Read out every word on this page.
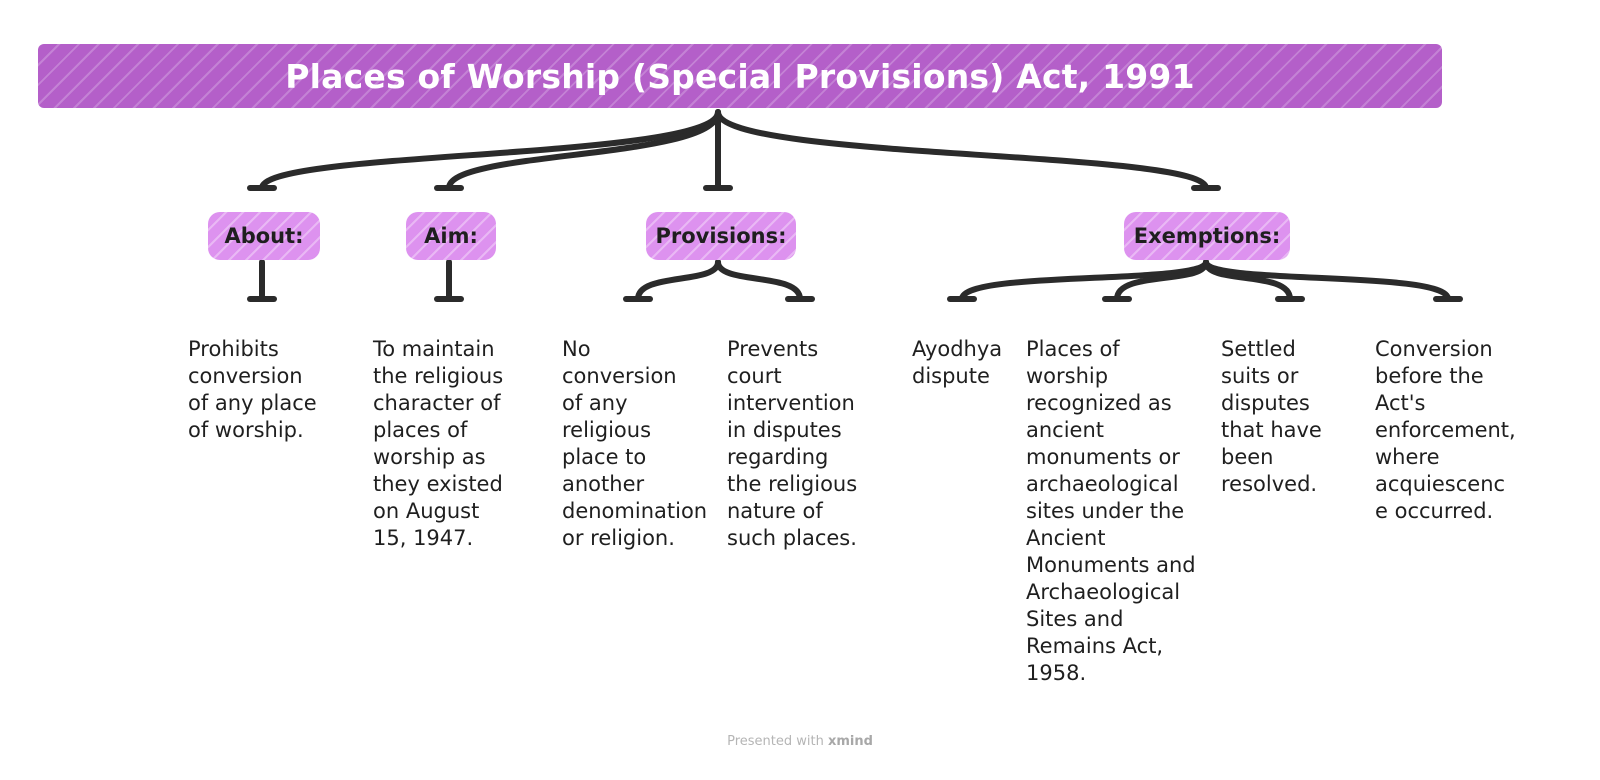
Places of Worship (Special Provisions) Act, 1991
About:	Aim:	Provisions:	Exemptions:
Prohibits
conversion
of any place
of worship.
To maintain
the religious
character of
places of
worship as
they existed
on August
15, 1947.
No
conversion
of any
religious
place to
another
denomination
or religion.
Prevents
court
intervention
in disputes
regarding
the religious
nature of
such places.
Ayodhya
dispute
Places of
worship
recognized as
ancient
monuments or
archaeological
sites under the
Ancient
Monuments and
Archaeological
Sites and
Remains Act,
1958.
Settled
suits or
disputes
that have
been
resolved.
Conversion
before the
Act's
enforcement,
where
acquiescenc
e occurred.
Presented with xmind
